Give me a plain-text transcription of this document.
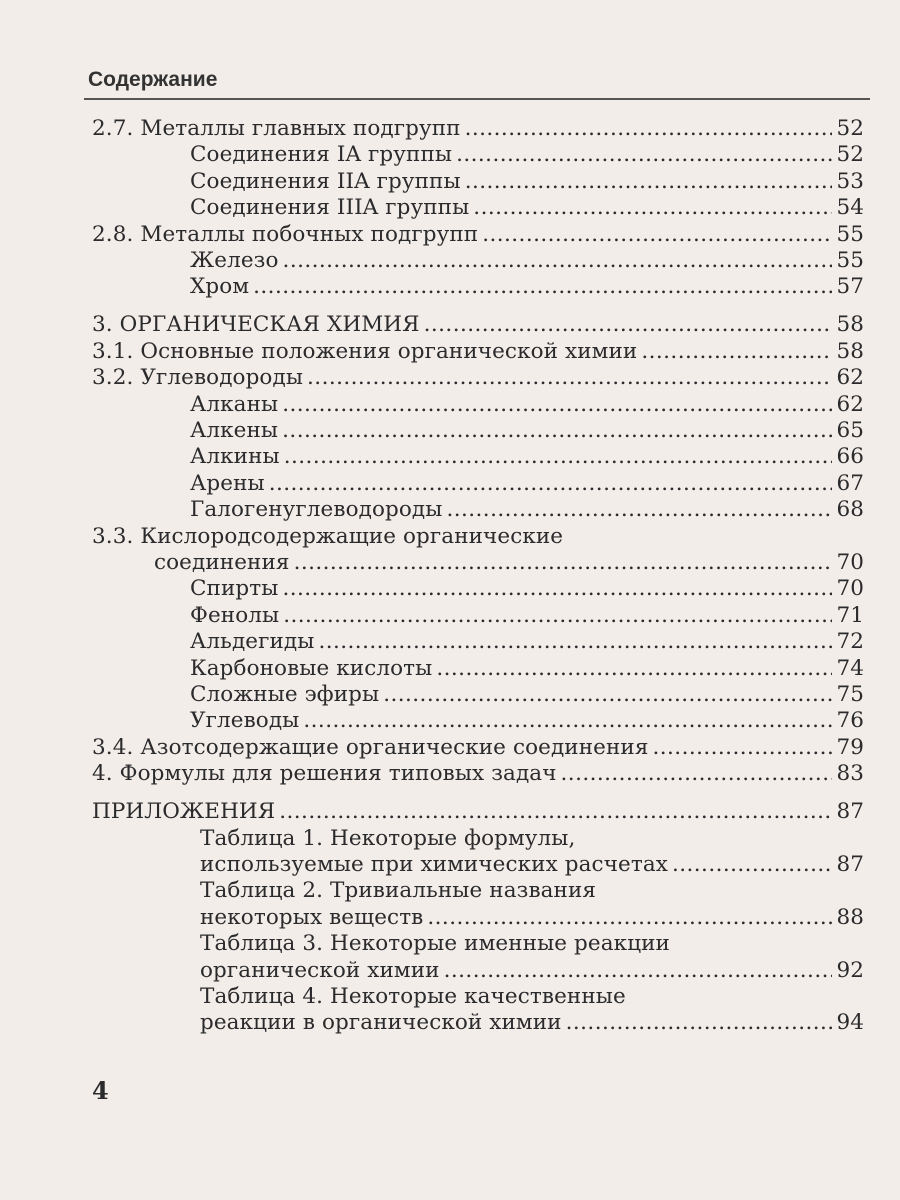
Содержание
2.7. Металлы главных подгрупп . . .	52
Соединения IA группы . . .	52
Соединения IIA группы . . .	53
Соединения IIIA группы . . .	54
2.8. Металлы побочных подгрупп . . .	55
Железо . . .	55
Хром . . .	57
3. ОРГАНИЧЕСКАЯ ХИМИЯ . . .	58
3.1. Основные положения органической химии . . .	58
3.2. Углеводороды . . .	62
Алканы . . .	62
Алкены . . .	65
Алкины . . .	66
Арены . . .	67
Галогенуглеводороды . . .	68
3.3. Кислородсодержащие органические
соединения . . .	70
Спирты . . .	70
Фенолы . . .	71
Альдегиды . . .	72
Карбоновые кислоты . . .	74
Сложные эфиры . . .	75
Углеводы . . .	76
3.4. Азотсодержащие органические соединения . . .	79
4. Формулы для решения типовых задач . . .	83
ПРИЛОЖЕНИЯ . . .	87
Таблица 1. Некоторые формулы,
используемые при химических расчетах . . .	87
Таблица 2. Тривиальные названия
некоторых веществ . . .	88
Таблица 3. Некоторые именные реакции
органической химии . . .	92
Таблица 4. Некоторые качественные
реакции в органической химии . . .	94
4
